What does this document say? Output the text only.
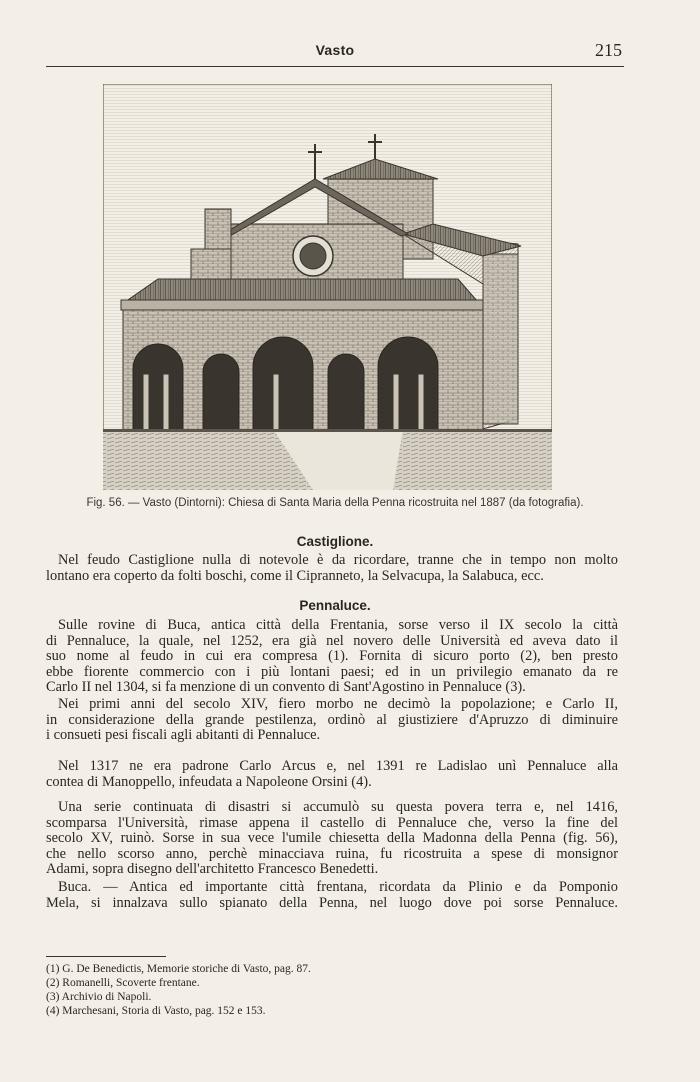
Vasto	215
Fig. 56. — Vasto (Dintorni): Chiesa di Santa Maria della Penna ricostruita nel 1887 (da fotografia).
Castiglione.
Nel feudo Castiglione nulla di notevole è da ricordare, tranne che in tempo non molto
lontano era coperto da folti boschi, come il Cipranneto, la Selvacupa, la Salabuca, ecc.
Pennaluce.
Sulle rovine di Buca, antica città della Frentania, sorse verso il IX secolo la città
di Pennaluce, la quale, nel 1252, era già nel novero delle Università ed aveva dato il
suo nome al feudo in cui era compresa (1). Fornita di sicuro porto (2), ben presto
ebbe fiorente commercio con i più lontani paesi; ed in un privilegio emanato da re
Carlo II nel 1304, si fa menzione di un convento di Sant'Agostino in Pennaluce (3).
Nei primi anni del secolo XIV, fiero morbo ne decimò la popolazione; e Carlo II,
in considerazione della grande pestilenza, ordinò al giustiziere d'Apruzzo di diminuire
i consueti pesi fiscali agli abitanti di Pennaluce.
Nel 1317 ne era padrone Carlo Arcus e, nel 1391 re Ladislao unì Pennaluce alla
contea di Manoppello, infeudata a Napoleone Orsini (4).
Una serie continuata di disastri si accumulò su questa povera terra e, nel 1416,
scomparsa l'Università, rimase appena il castello di Pennaluce che, verso la fine del
secolo XV, ruinò. Sorse in sua vece l'umile chiesetta della Madonna della Penna (fig. 56),
che nello scorso anno, perchè minacciava ruina, fu ricostruita a spese di monsignor
Adami, sopra disegno dell'architetto Francesco Benedetti.
Buca. — Antica ed importante città frentana, ricordata da Plinio e da Pomponio
Mela, si innalzava sullo spianato della Penna, nel luogo dove poi sorse Pennaluce.
(1) G. De Benedictis, Memorie storiche di Vasto, pag. 87.
(2) Romanelli, Scoverte frentane.
(3) Archivio di Napoli.
(4) Marchesani, Storia di Vasto, pag. 152 e 153.
